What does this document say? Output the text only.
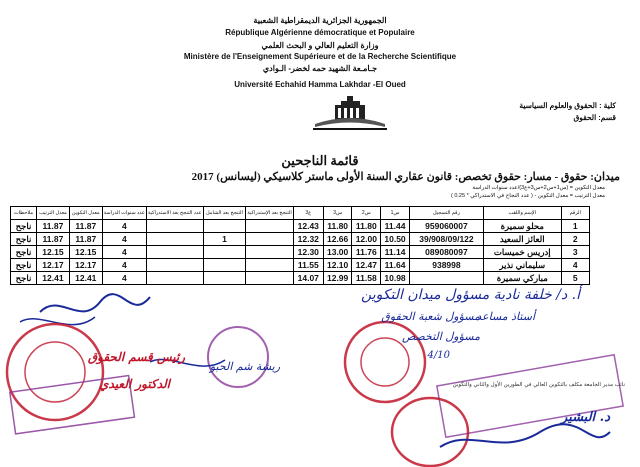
الجمهورية الجزائرية الديمقراطية الشعبية
République Algérienne démocratique et Populaire
وزارة التعليم العالي و البحث العلمي
Ministère de l'Enseignement Supérieure et de la Recherche Scientifique
جـامـعة الشهيد حمه لخضر- الـوادي
Université Echahid Hamma Lakhdar -El Oued
كلية : الحقوق والعلوم السياسية
قسم: الحقوق
قائمة الناجحين
ميدان: حقوق - مسار: حقوق تخصص: قانون عقاري السنة الأولى ماستر كلاسيكي (ليسانس) 2017
معدل التكوين = (س1+س2+س3+ع3)/عدد سنوات الدراسة
معدل الترتيب = معدل التكوين - ( عدد النجاح في الاستدراكي * 0.25 )
الرقم	الإسم واللقب	رقم التسجيل	س1	س2	س3	ع3	التنجح بعد الإستدراكية	التنجح بعد الشامل	عدد التنجح بعد الاستدراكية	عدد سنوات الدراسة	معدل التكوين	معدل الترتيب	ملاحظات
1	محلو سميرة	959060007	11.44	11.80	11.80	12.43				4	11.87	11.87	ناجح
2	العائز السعيد	39/908/09/122	10.50	12.00	12.66	12.32		1		4	11.87	11.87	ناجح
3	إدريس خميسات	089080097	11.14	11.76	13.00	12.30				4	12.15	12.15	ناجح
4	سليماني نذير	938998	11.64	12.47	12.10	11.55				4	12.17	12.17	ناجح
5	مباركي سميرة		10.98	11.58	12.99	14.07				4	12.41	12.41	ناجح
أ. د/ خلفة نادية مسؤول ميدان التكوين
مسؤول شعبة الحقوق
مسؤول التخصص
أستاذ مساعد
ريشة شم الحبو
رئيس قسم الحقوق
الدكتور العيدي
4/10
نائب مدير الجامعة مكلف بالتكوين العالي في الطورين الأول والثاني والتكوين
د. البشير
